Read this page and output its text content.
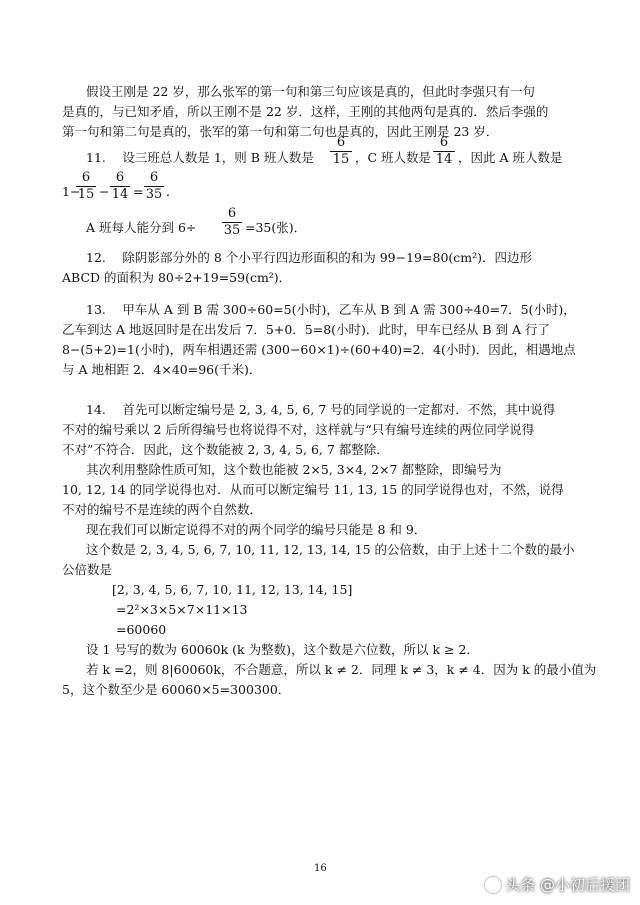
假设王刚是 22 岁，那么张军的第一句和第三句应该是真的，但此时李强只有一句
是真的，与已知矛盾，所以王刚不是 22 岁．这样，王刚的其他两句是真的．然后李强的
第一句和第二句是真的，张军的第一句和第二句也是真的，因此王刚是 23 岁．
11.　 设三班总人数是 1，则 B 班人数是
6
15 ，C 班人数是
6
14 ，因此 A 班人数是
1−
6
15 −
6
14 =
6
35 ．
A 班每人能分到 6÷
6
35 =35(张)．
12.　 除阴影部分外的 8 个小平行四边形面积的和为 99−19=80(cm²)．四边形
ABCD 的面积为 80÷2+19=59(cm²)．
13.　 甲车从 A 到 B 需 300÷60=5(小时)，乙车从 B 到 A 需 300÷40=7．5(小时)，
乙车到达 A 地返回时是在出发后 7．5+0．5=8(小时)．此时，甲车已经从 B 到 A 行了
8−(5+2)=1(小时)，两车相遇还需 (300−60×1)÷(60+40)=2．4(小时)．因此，相遇地点
与 A 地相距 2．4×40=96(千米)．
14.　 首先可以断定编号是 2, 3, 4, 5, 6, 7 号的同学说的一定都对．不然，其中说得
不对的编号乘以 2 后所得编号也将说得不对，这样就与“只有编号连续的两位同学说得
不对”不符合．因此，这个数能被 2, 3, 4, 5, 6, 7 都整除．
其次利用整除性质可知，这个数也能被 2×5, 3×4, 2×7 都整除，即编号为
10, 12, 14 的同学说得也对．从而可以断定编号 11, 13, 15 的同学说得也对，不然，说得
不对的编号不是连续的两个自然数．
现在我们可以断定说得不对的两个同学的编号只能是 8 和 9．
这个数是 2, 3, 4, 5, 6, 7, 10, 11, 12, 13, 14, 15 的公倍数，由于上述十二个数的最小
公倍数是
[2, 3, 4, 5, 6, 7, 10, 11, 12, 13, 14, 15]
=2²×3×5×7×11×13
=60060
设 1 号写的数为 60060k (k 为整数)，这个数是六位数，所以 k ≥ 2．
若 k =2，则 8|60060k，不合题意，所以 k ≠ 2．同理 k ≠ 3，k ≠ 4．因为 k 的最小值为
5，这个数至少是 60060×5=300300．
16
头条 @小初后援团
